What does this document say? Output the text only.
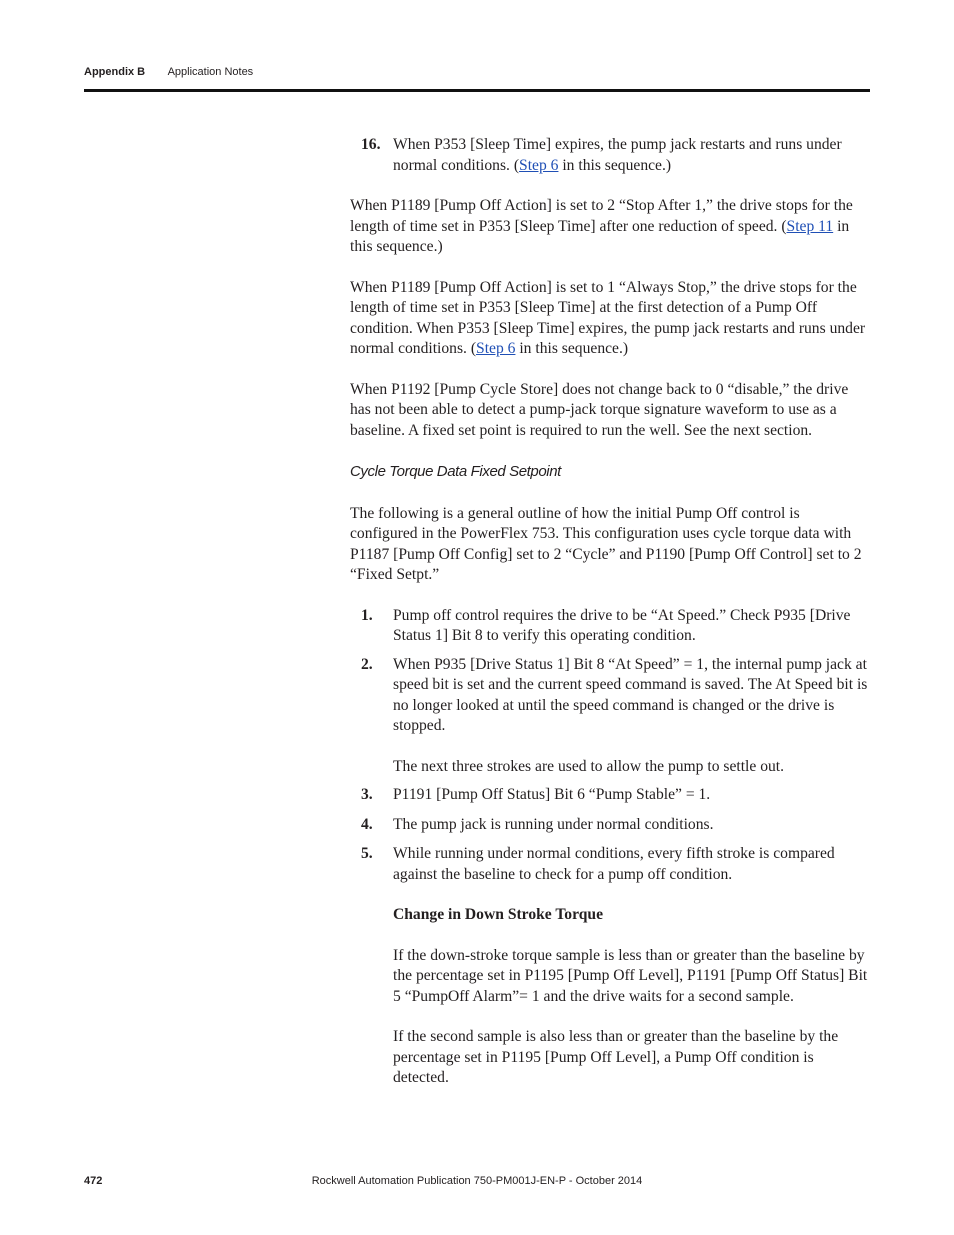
Appendix B Application Notes
16. When P353 [Sleep Time] expires, the pump jack restarts and runs under normal conditions. (Step 6 in this sequence.)

When P1189 [Pump Off Action] is set to 2 “Stop After 1,” the drive stops for the length of time set in P353 [Sleep Time] after one reduction of speed. (Step 11 in this sequence.)

When P1189 [Pump Off Action] is set to 1 “Always Stop,” the drive stops for the length of time set in P353 [Sleep Time] at the first detection of a Pump Off condition. When P353 [Sleep Time] expires, the pump jack restarts and runs under normal conditions. (Step 6 in this sequence.)

When P1192 [Pump Cycle Store] does not change back to 0 “disable,” the drive has not been able to detect a pump-jack torque signature waveform to use as a baseline. A fixed set point is required to run the well. See the next section.

Cycle Torque Data Fixed Setpoint

The following is a general outline of how the initial Pump Off control is configured in the PowerFlex 753. This configuration uses cycle torque data with P1187 [Pump Off Config] set to 2 “Cycle” and P1190 [Pump Off Control] set to 2 “Fixed Setpt.”

1. Pump off control requires the drive to be “At Speed.” Check P935 [Drive Status 1] Bit 8 to verify this operating condition.

2. When P935 [Drive Status 1] Bit 8 “At Speed” = 1, the internal pump jack at speed bit is set and the current speed command is saved. The At Speed bit is no longer looked at until the speed command is changed or the drive is stopped.

The next three strokes are used to allow the pump to settle out.

3. P1191 [Pump Off Status] Bit 6 “Pump Stable” = 1.

4. The pump jack is running under normal conditions.

5. While running under normal conditions, every fifth stroke is compared against the baseline to check for a pump off condition.

Change in Down Stroke Torque

If the down-stroke torque sample is less than or greater than the baseline by the percentage set in P1195 [Pump Off Level], P1191 [Pump Off Status] Bit 5 “PumpOff Alarm”= 1 and the drive waits for a second sample.

If the second sample is also less than or greater than the baseline by the percentage set in P1195 [Pump Off Level], a Pump Off condition is detected.

472	Rockwell Automation Publication 750-PM001J-EN-P - October 2014
